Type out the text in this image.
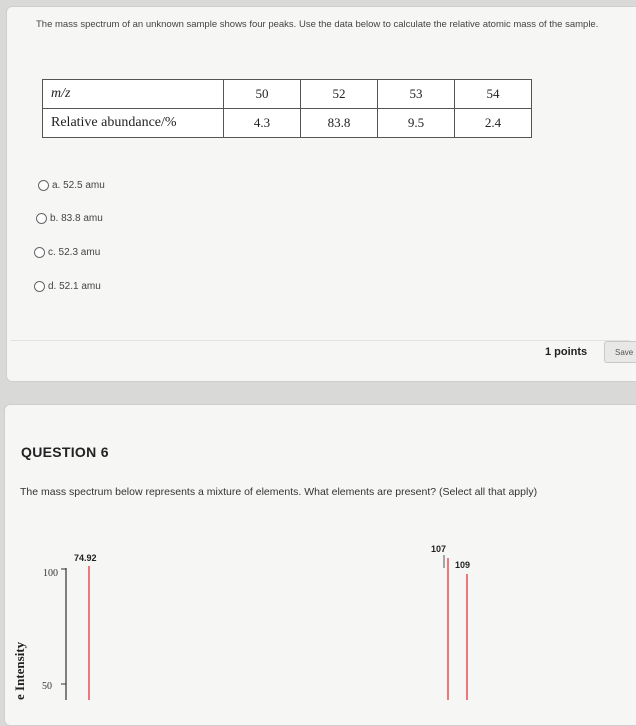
The mass spectrum of an unknown sample shows four peaks. Use the data below to calculate the relative atomic mass of the sample.
m/z	50	52	53	54
Relative abundance/%	4.3	83.8	9.5	2.4
a. 52.5 amu
b. 83.8 amu
c. 52.3 amu
d. 52.1 amu
1 points	Save
QUESTION 6
The mass spectrum below represents a mixture of elements. What elements are present? (Select all that apply)
e Intensity
100
50
74.92
107
109
